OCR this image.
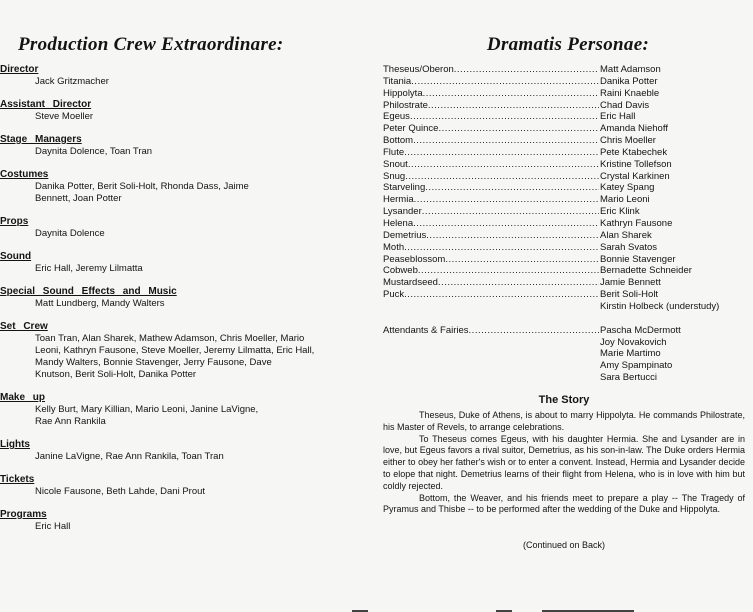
Production Crew Extraordinare:
Director
Jack Gritzmacher
Assistant Director
Steve Moeller
Stage Managers
Daynita Dolence, Toan Tran
Costumes
Danika Potter, Berit Soli-Holt, Rhonda Dass, Jaime
Bennett, Joan Potter
Props
Daynita Dolence
Sound
Eric Hall, Jeremy Lilmatta
Special Sound Effects and Music
Matt Lundberg, Mandy Walters
Set Crew
Toan Tran, Alan Sharek, Mathew Adamson, Chris Moeller, Mario
Leoni, Kathryn Fausone, Steve Moeller, Jeremy Lilmatta, Eric Hall,
Mandy Walters, Bonnie Stavenger, Jerry Fausone, Dave
Knutson, Berit Soli-Holt, Danika Potter
Make up
Kelly Burt, Mary Killian, Mario Leoni, Janine LaVigne,
Rae Ann Rankila
Lights
Janine LaVigne, Rae Ann Rankila, Toan Tran
Tickets
Nicole Fausone, Beth Lahde, Dani Prout
Programs
Eric Hall
Dramatis Personae:
Theseus/Oberon .....	Matt Adamson
Titania .....	Danika Potter
Hippolyta .....	Raini Knaeble
Philostrate .....	Chad Davis
Egeus .....	Eric Hall
Peter Quince .....	Amanda Niehoff
Bottom .....	Chris Moeller
Flute .....	Pete Ktabechek
Snout .....	Kristine Tollefson
Snug .....	Crystal Karkinen
Starveling .....	Katey Spang
Hermia .....	Mario Leoni
Lysander .....	Eric Klink
Helena .....	Kathryn Fausone
Demetrius .....	Alan Sharek
Moth .....	Sarah Svatos
Peaseblossom .....	Bonnie Stavenger
Cobweb .....	Bernadette Schneider
Mustardseed .....	Jamie Bennett
Puck .....	Berit Soli-Holt
Kirstin Holbeck (understudy)
Attendants & Fairies .....	Pascha McDermott
Joy Novakovich
Marie Martimo
Amy Spampinato
Sara Bertucci
The Story

Theseus, Duke of Athens, is about to marry Hippolyta. He commands Philostrate, his Master of Revels, to arrange celebrations.

To Theseus comes Egeus, with his daughter Hermia. She and Lysander are in love, but Egeus favors a rival suitor, Demetrius, as his son-in-law. The Duke orders Hermia either to obey her father's wish or to enter a convent. Instead, Hermia and Lysander decide to elope that night. Demetrius learns of their flight from Helena, who is in love with him but coldly rejected.

Bottom, the Weaver, and his friends meet to prepare a play -- The Tragedy of Pyramus and Thisbe -- to be performed after the wedding of the Duke and Hippolyta.

(Continued on Back)
